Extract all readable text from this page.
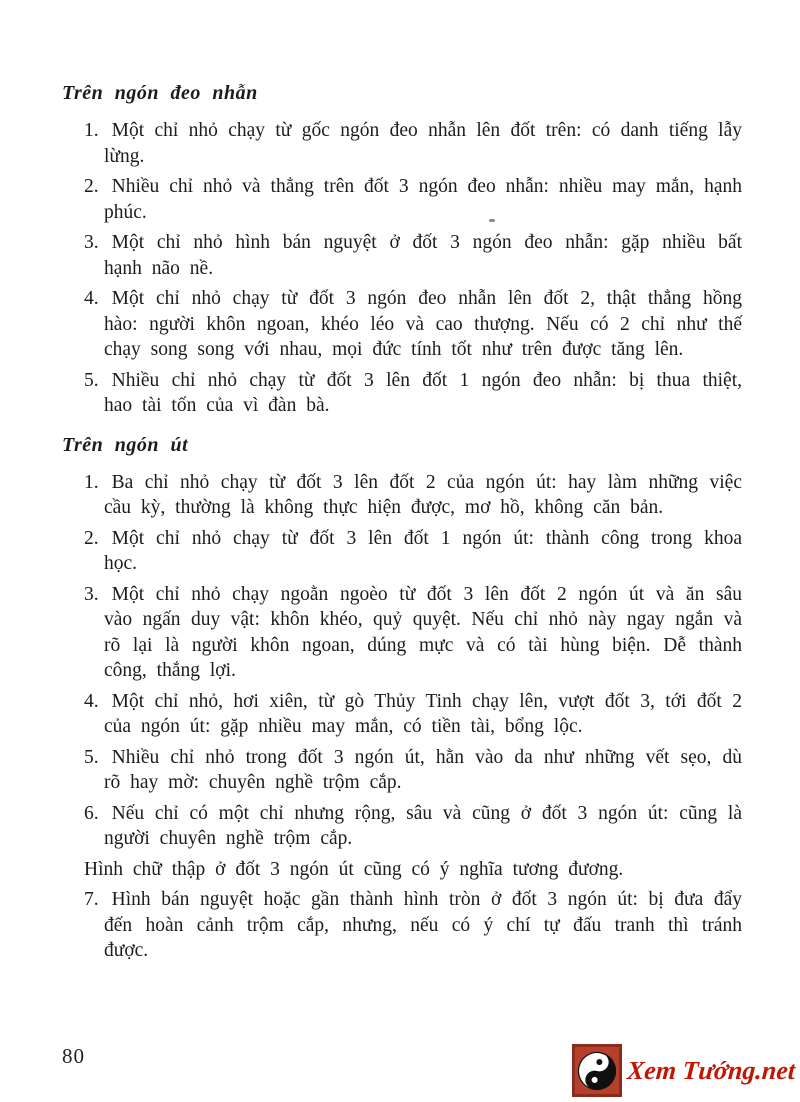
Trên ngón đeo nhẫn

1. Một chỉ nhỏ chạy từ gốc ngón đeo nhẫn lên đốt trên: có danh tiếng lẫy lừng.

2. Nhiều chỉ nhỏ và thẳng trên đốt 3 ngón đeo nhẫn: nhiều may mắn, hạnh phúc.

3. Một chỉ nhỏ hình bán nguyệt ở đốt 3 ngón đeo nhẫn: gặp nhiều bất hạnh não nề.

4. Một chỉ nhỏ chạy từ đốt 3 ngón đeo nhẫn lên đốt 2, thật thẳng hồng hào: người khôn ngoan, khéo léo và cao thượng. Nếu có 2 chỉ như thế chạy song song với nhau, mọi đức tính tốt như trên được tăng lên.

5. Nhiều chỉ nhỏ chạy từ đốt 3 lên đốt 1 ngón đeo nhẫn: bị thua thiệt, hao tài tốn của vì đàn bà.

Trên ngón út

1. Ba chỉ nhỏ chạy từ đốt 3 lên đốt 2 của ngón út: hay làm những việc cầu kỳ, thường là không thực hiện được, mơ hồ, không căn bản.

2. Một chỉ nhỏ chạy từ đốt 3 lên đốt 1 ngón út: thành công trong khoa học.

3. Một chỉ nhỏ chạy ngoằn ngoèo từ đốt 3 lên đốt 2 ngón út và ăn sâu vào ngấn duy vật: khôn khéo, quỷ quyệt. Nếu chỉ nhỏ này ngay ngắn và rõ lại là người khôn ngoan, dúng mực và có tài hùng biện. Dễ thành công, thắng lợi.

4. Một chỉ nhỏ, hơi xiên, từ gò Thủy Tinh chạy lên, vượt đốt 3, tới đốt 2 của ngón út: gặp nhiều may mắn, có tiền tài, bổng lộc.

5. Nhiều chỉ nhỏ trong đốt 3 ngón út, hằn vào da như những vết sẹo, dù rõ hay mờ: chuyên nghề trộm cắp.

6. Nếu chỉ có một chỉ nhưng rộng, sâu và cũng ở đốt 3 ngón út: cũng là người chuyên nghề trộm cắp.

Hình chữ thập ở đốt 3 ngón út cũng có ý nghĩa tương đương.

7. Hình bán nguyệt hoặc gần thành hình tròn ở đốt 3 ngón út: bị đưa đẩy đến hoàn cảnh trộm cắp, nhưng, nếu có ý chí tự đấu tranh thì tránh được.

80	Xem Tướng.net
